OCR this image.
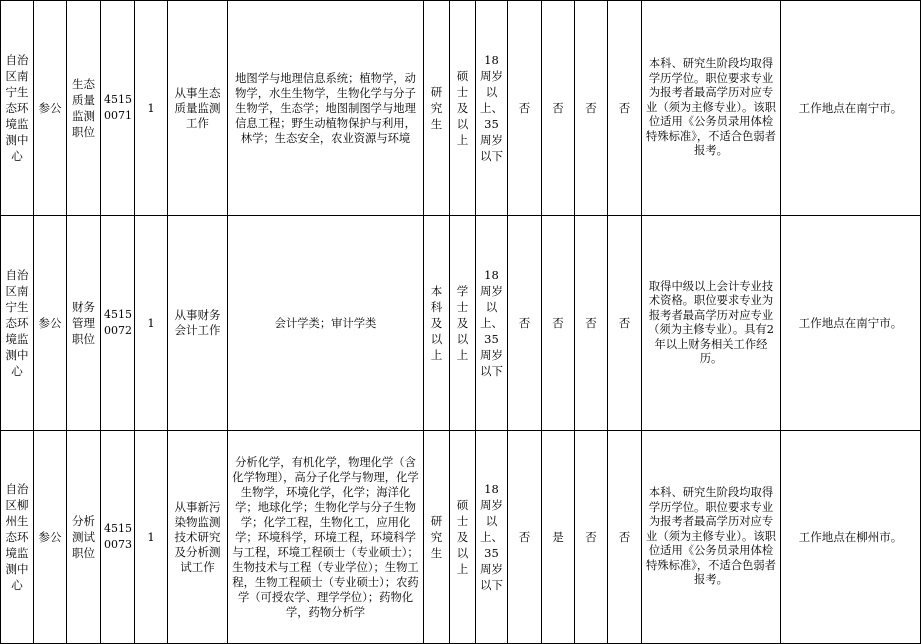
自治区南宁生态环境监测中心	参公	生态质量监测职位	45150071	1	从事生态质量监测工作	地图学与地理信息系统；植物学，动物学，水生生物学，生物化学与分子生物学，生态学；地图制图学与地理信息工程；野生动植物保护与利用，林学；生态安全，农业资源与环境	研究生	硕士及以上	18周岁以上、35周岁以下	否	否	否	否	本科、研究生阶段均取得学历学位。职位要求专业为报考者最高学历对应专业（须为主修专业）。该职位适用《公务员录用体检特殊标准》，不适合色弱者报考。	工作地点在南宁市。
自治区南宁生态环境监测中心	参公	财务管理职位	45150072	1	从事财务会计工作	会计学类；审计学类	本科及以上	学士及以上	18周岁以上、35周岁以下	否	否	否	否	取得中级以上会计专业技术资格。职位要求专业为报考者最高学历对应专业（须为主修专业）。具有2年以上财务相关工作经历。	工作地点在南宁市。
自治区柳州生态环境监测中心	参公	分析测试职位	45150073	1	从事新污染物监测技术研究及分析测试工作	分析化学，有机化学，物理化学（含化学物理），高分子化学与物理，化学生物学，环境化学，化学；海洋化学；地球化学；生物化学与分子生物学；化学工程，生物化工，应用化学；环境科学，环境工程，环境科学与工程，环境工程硕士（专业硕士）；生物技术与工程（专业学位）；生物工程，生物工程硕士（专业硕士）；农药学（可授农学、理学学位）；药物化学，药物分析学	研究生	硕士及以上	18周岁以上、35周岁以下	否	是	否	否	本科、研究生阶段均取得学历学位。职位要求专业为报考者最高学历对应专业（须为主修专业）。该职位适用《公务员录用体检特殊标准》，不适合色弱者报考。	工作地点在柳州市。
